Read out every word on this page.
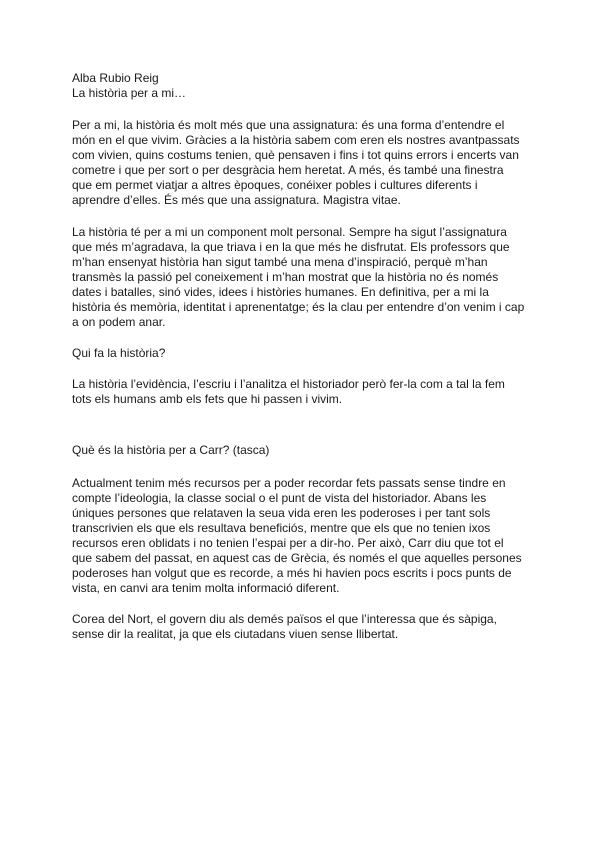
Alba Rubio Reig
La història per a mi…
Per a mi, la història és molt més que una assignatura: és una forma d’entendre el
món en el que vivim. Gràcies a la història sabem com eren els nostres avantpassats
com vivien, quins costums tenien, què pensaven i fins i tot quins errors i encerts van
cometre i que per sort o per desgràcia hem heretat. A més, és també una finestra
que em permet viatjar a altres èpoques, conéixer pobles i cultures diferents i
aprendre d’elles. És més que una assignatura. Magistra vitae.
La història té per a mi un component molt personal. Sempre ha sigut l’assignatura
que més m’agradava, la que triava i en la que més he disfrutat. Els professors que
m’han ensenyat història han sigut també una mena d’inspiració, perquè m’han
transmès la passió pel coneixement i m’han mostrat que la història no és només
dates i batalles, sinó vides, idees i històries humanes. En definitiva, per a mi la
història és memòria, identitat i aprenentatge; és la clau per entendre d’on venim i cap
a on podem anar.
Qui fa la història?
La història l’evidència, l’escriu i l’analitza el historiador però fer-la com a tal la fem
tots els humans amb els fets que hi passen i vivim.
Què és la història per a Carr? (tasca)
Actualment tenim més recursos per a poder recordar fets passats sense tindre en
compte l’ideologia, la classe social o el punt de vista del historiador. Abans les
úniques persones que relataven la seua vida eren les poderoses i per tant sols
transcrivien els que els resultava beneficiós, mentre que els que no tenien ixos
recursos eren oblidats i no tenien l’espai per a dir-ho. Per això, Carr diu que tot el
que sabem del passat, en aquest cas de Grècia, és només el que aquelles persones
poderoses han volgut que es recorde, a més hi havien pocs escrits i pocs punts de
vista, en canvi ara tenim molta informació diferent.
Corea del Nort, el govern diu als demés països el que l’interessa que és sàpiga,
sense dir la realitat, ja que els ciutadans viuen sense llibertat.
